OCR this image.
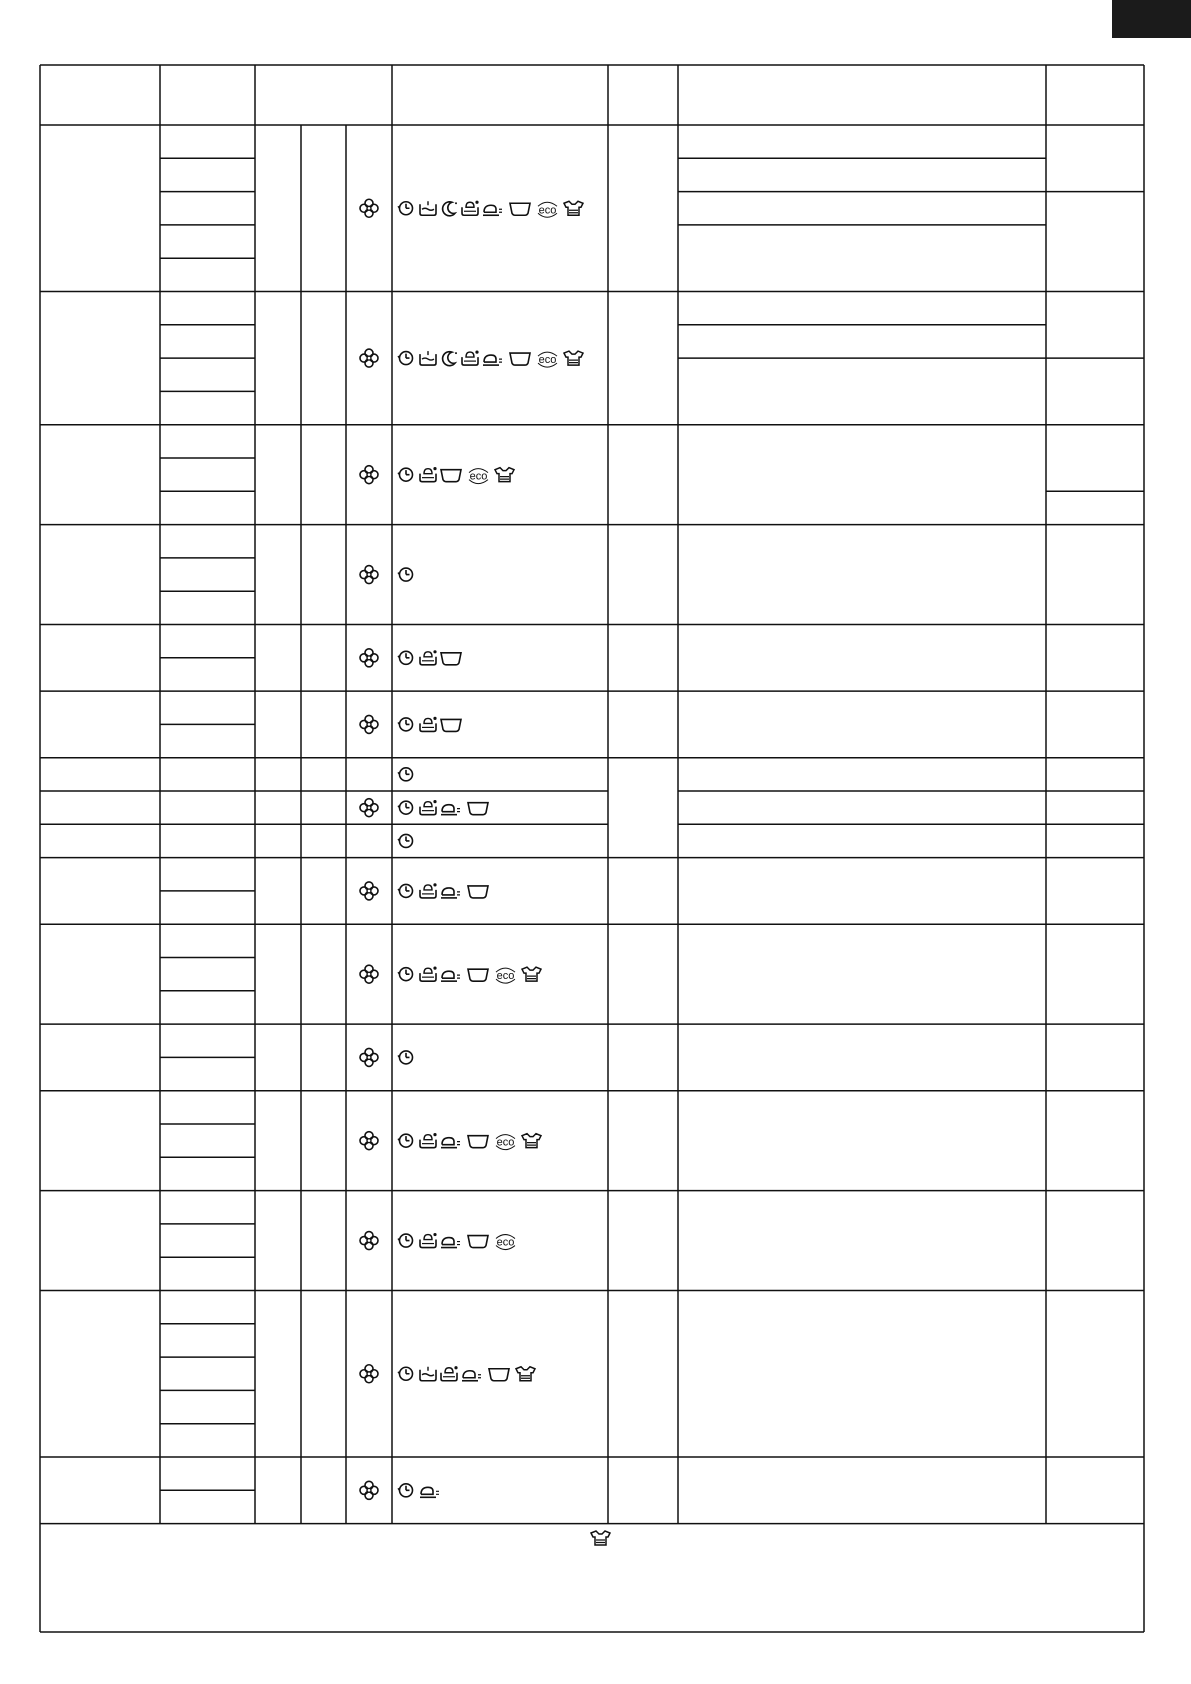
eco
